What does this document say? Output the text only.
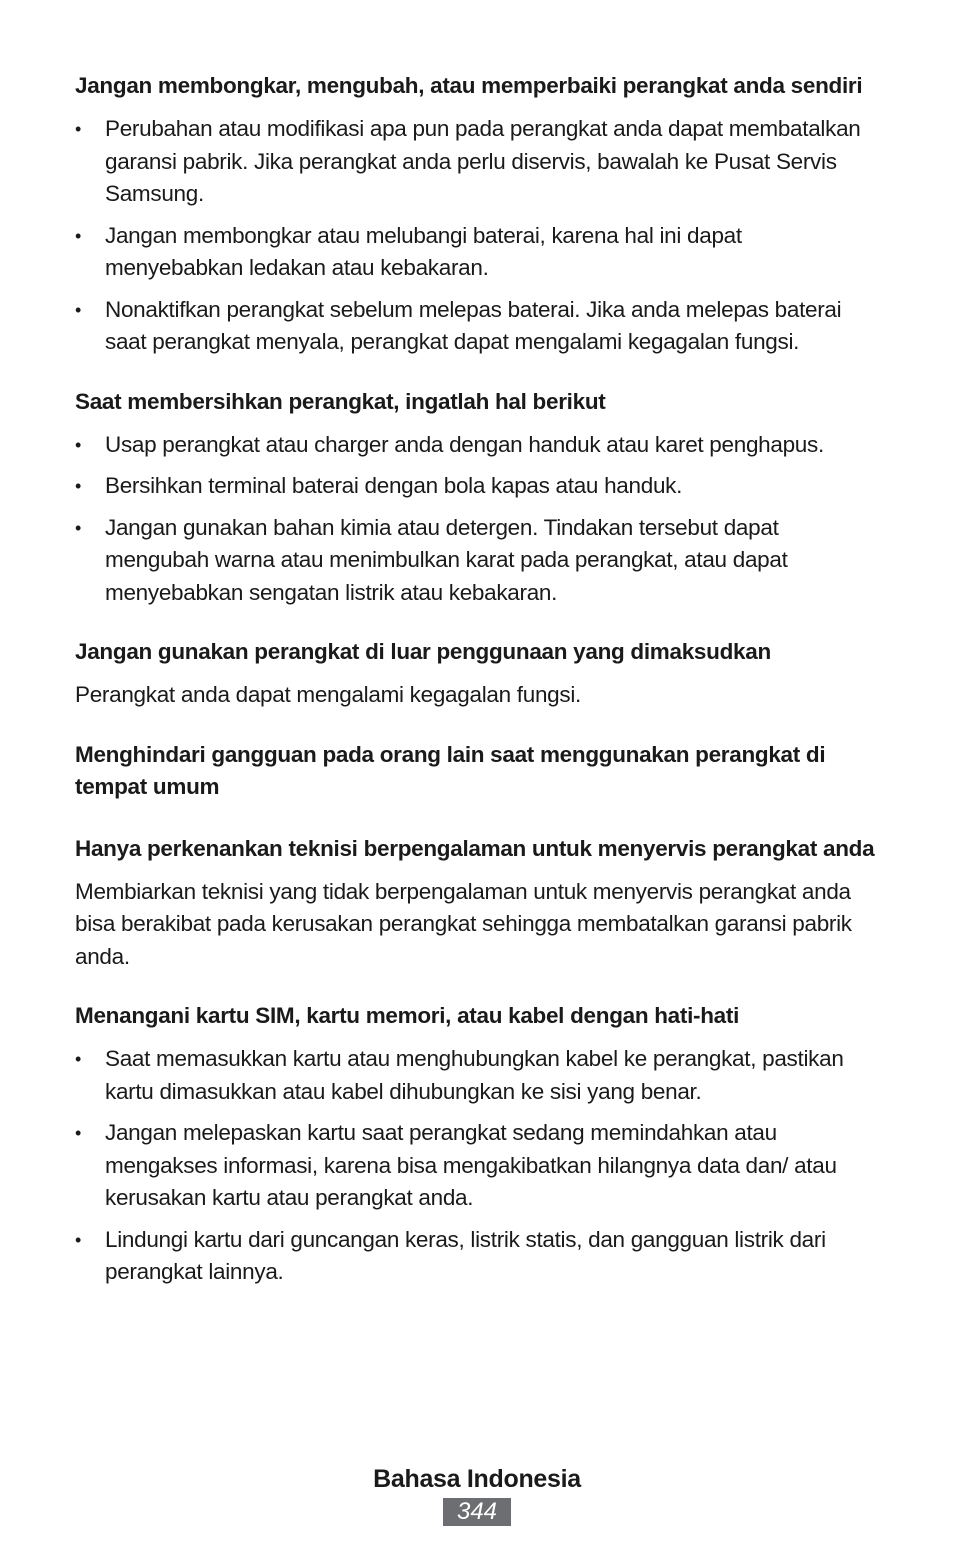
Jangan membongkar, mengubah, atau memperbaiki perangkat anda sendiri
• Perubahan atau modifikasi apa pun pada perangkat anda dapat membatalkan garansi pabrik. Jika perangkat anda perlu diservis, bawalah ke Pusat Servis Samsung.
• Jangan membongkar atau melubangi baterai, karena hal ini dapat menyebabkan ledakan atau kebakaran.
• Nonaktifkan perangkat sebelum melepas baterai. Jika anda melepas baterai saat perangkat menyala, perangkat dapat mengalami kegagalan fungsi.
Saat membersihkan perangkat, ingatlah hal berikut
• Usap perangkat atau charger anda dengan handuk atau karet penghapus.
• Bersihkan terminal baterai dengan bola kapas atau handuk.
• Jangan gunakan bahan kimia atau detergen. Tindakan tersebut dapat mengubah warna atau menimbulkan karat pada perangkat, atau dapat menyebabkan sengatan listrik atau kebakaran.
Jangan gunakan perangkat di luar penggunaan yang dimaksudkan

Perangkat anda dapat mengalami kegagalan fungsi.

Menghindari gangguan pada orang lain saat menggunakan perangkat di tempat umum
Hanya perkenankan teknisi berpengalaman untuk menyervis perangkat anda

Membiarkan teknisi yang tidak berpengalaman untuk menyervis perangkat anda bisa berakibat pada kerusakan perangkat sehingga membatalkan garansi pabrik anda.

Menangani kartu SIM, kartu memori, atau kabel dengan hati-hati
• Saat memasukkan kartu atau menghubungkan kabel ke perangkat, pastikan kartu dimasukkan atau kabel dihubungkan ke sisi yang benar.
• Jangan melepaskan kartu saat perangkat sedang memindahkan atau mengakses informasi, karena bisa mengakibatkan hilangnya data dan/ atau kerusakan kartu atau perangkat anda.
• Lindungi kartu dari guncangan keras, listrik statis, dan gangguan listrik dari perangkat lainnya.
Bahasa Indonesia
344
